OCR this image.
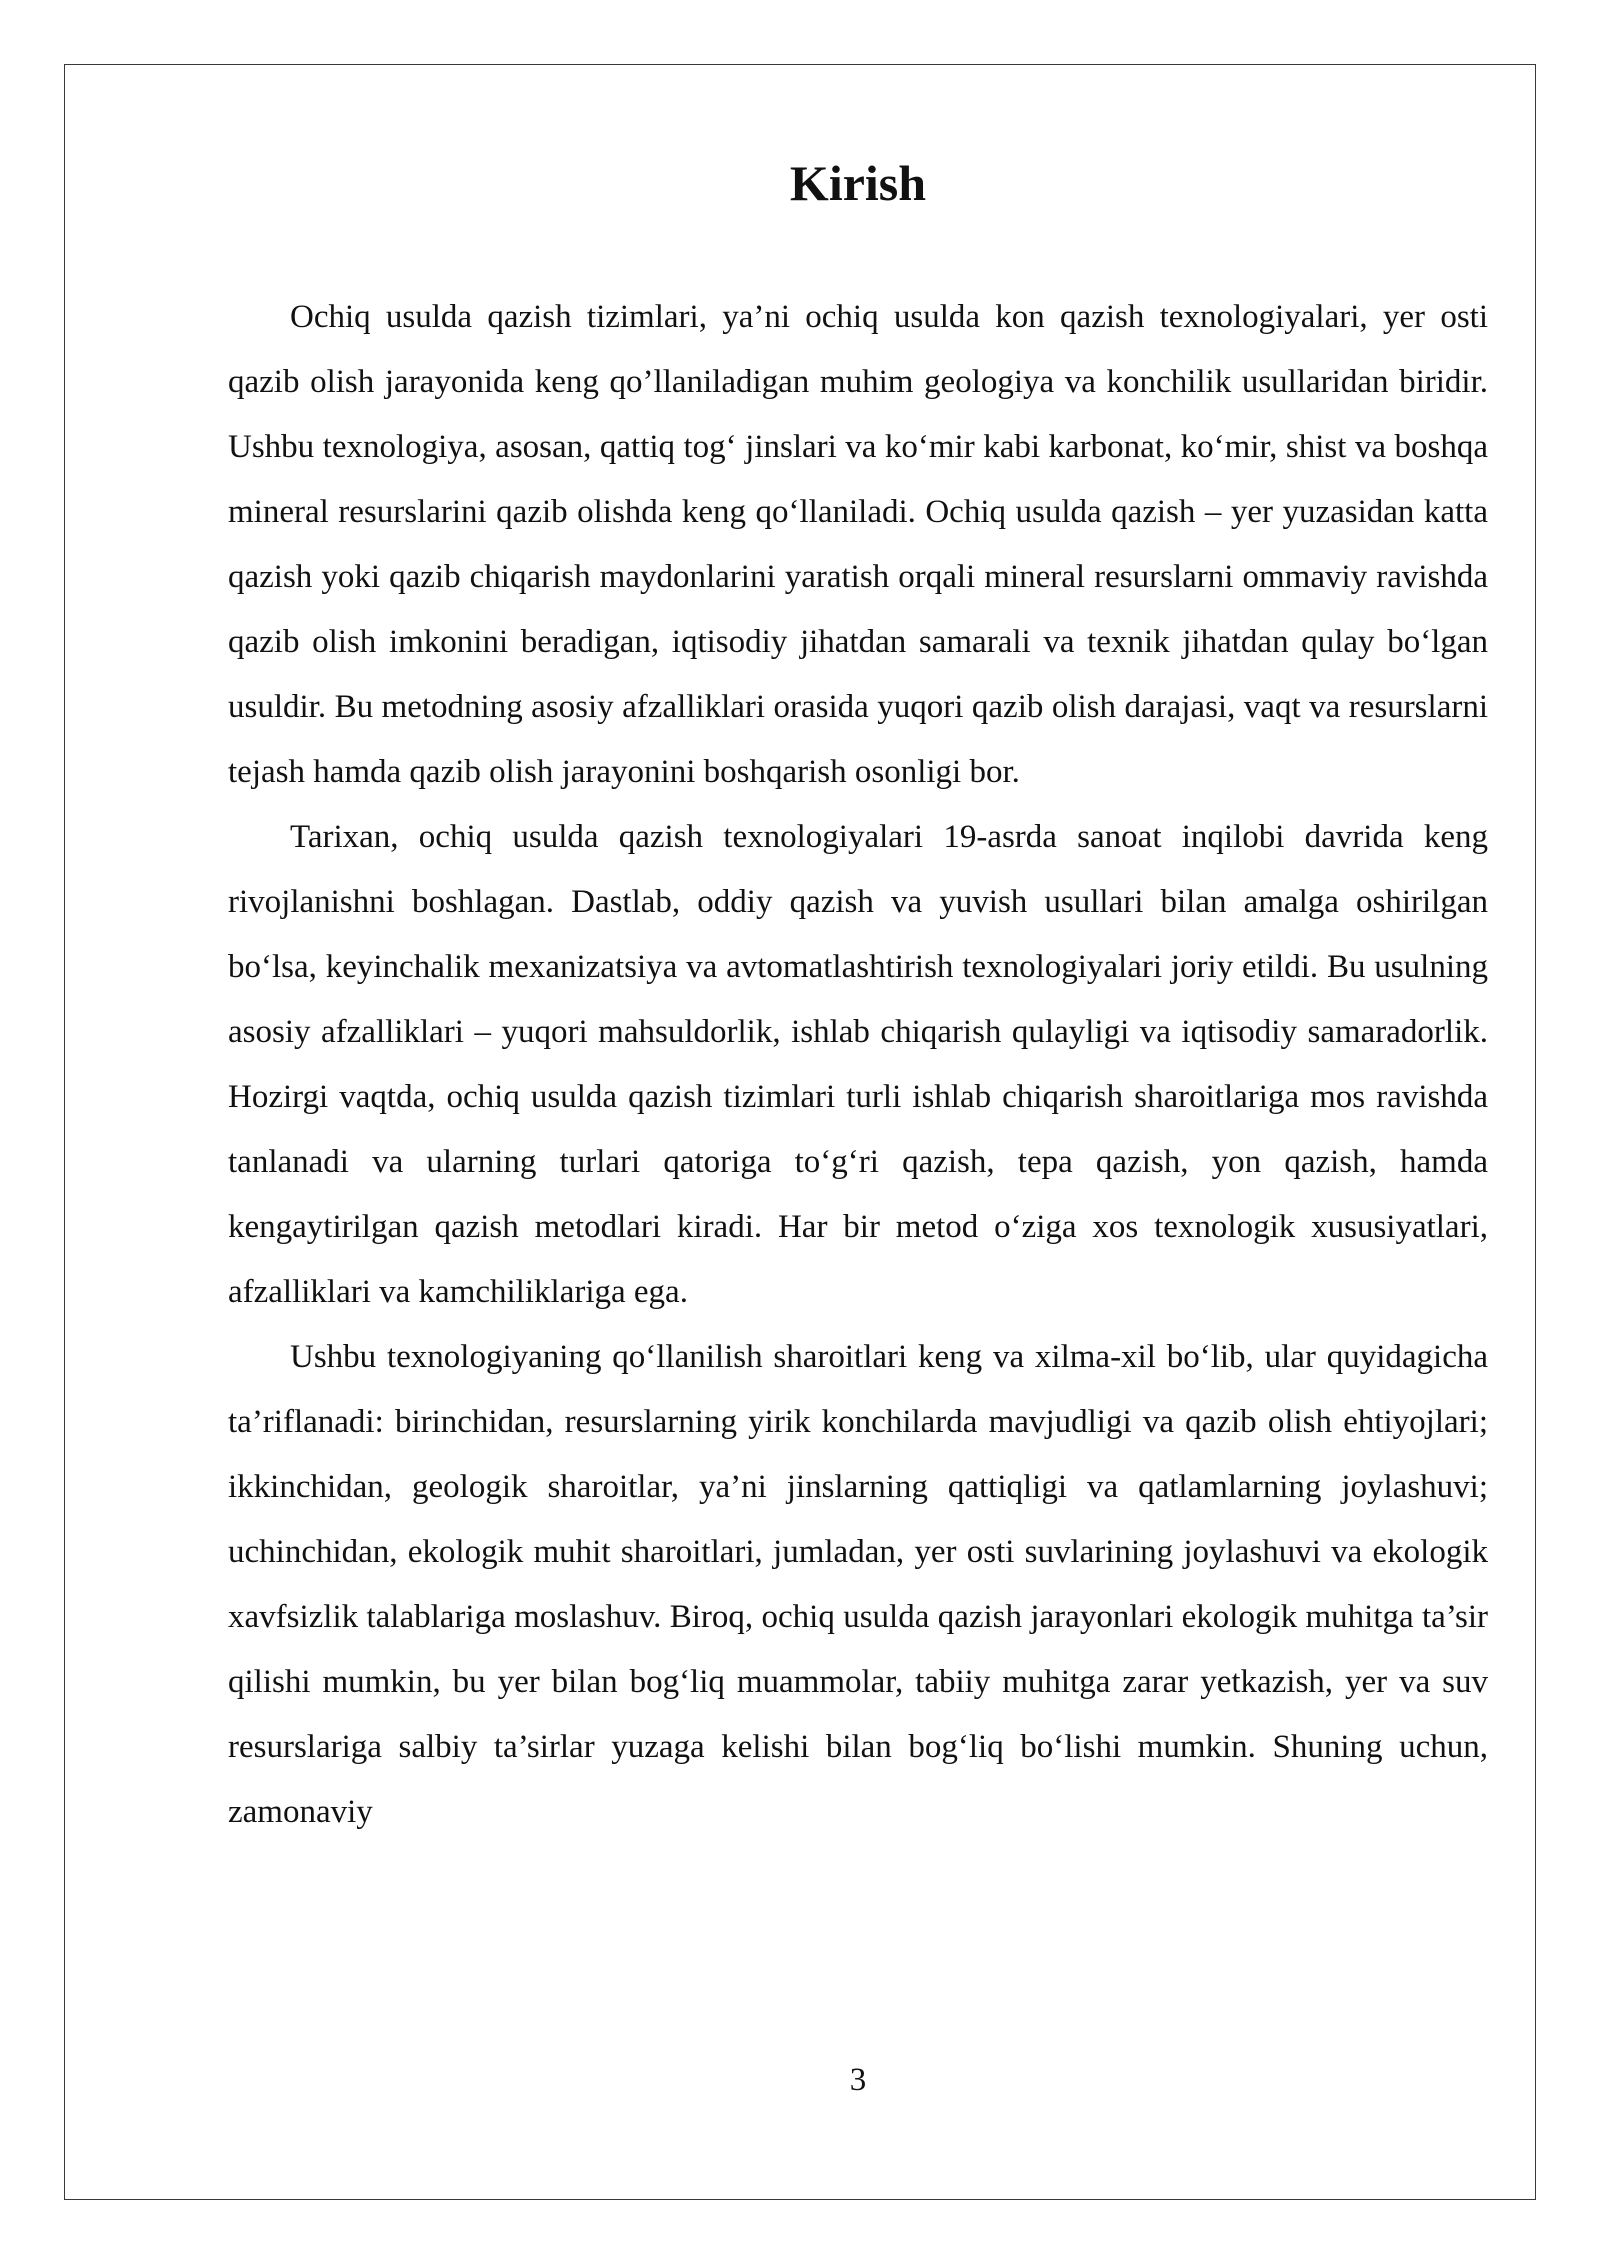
Kirish

Ochiq usulda qazish tizimlari, ya’ni ochiq usulda kon qazish texnologiyalari, yer osti qazib olish jarayonida keng qo’llaniladigan muhim geologiya va konchilik usullaridan biridir. Ushbu texnologiya, asosan, qattiq tog‘ jinslari va ko‘mir kabi karbonat, ko‘mir, shist va boshqa mineral resurslarini qazib olishda keng qo‘llaniladi. Ochiq usulda qazish – yer yuzasidan katta qazish yoki qazib chiqarish maydonlarini yaratish orqali mineral resurslarni ommaviy ravishda qazib olish imkonini beradigan, iqtisodiy jihatdan samarali va texnik jihatdan qulay bo‘lgan usuldir. Bu metodning asosiy afzalliklari orasida yuqori qazib olish darajasi, vaqt va resurslarni tejash hamda qazib olish jarayonini boshqarish osonligi bor.

Tarixan, ochiq usulda qazish texnologiyalari 19-asrda sanoat inqilobi davrida keng rivojlanishni boshlagan. Dastlab, oddiy qazish va yuvish usullari bilan amalga oshirilgan bo‘lsa, keyinchalik mexanizatsiya va avtomatlashtirish texnologiyalari joriy etildi. Bu usulning asosiy afzalliklari – yuqori mahsuldorlik, ishlab chiqarish qulayligi va iqtisodiy samaradorlik. Hozirgi vaqtda, ochiq usulda qazish tizimlari turli ishlab chiqarish sharoitlariga mos ravishda tanlanadi va ularning turlari qatoriga to‘g‘ri qazish, tepa qazish, yon qazish, hamda kengaytirilgan qazish metodlari kiradi. Har bir metod o‘ziga xos texnologik xususiyatlari, afzalliklari va kamchiliklariga ega.

Ushbu texnologiyaning qo‘llanilish sharoitlari keng va xilma-xil bo‘lib, ular quyidagicha ta’riflanadi: birinchidan, resurslarning yirik konchilarda mavjudligi va qazib olish ehtiyojlari; ikkinchidan, geologik sharoitlar, ya’ni jinslarning qattiqligi va qatlamlarning joylashuvi; uchinchidan, ekologik muhit sharoitlari, jumladan, yer osti suvlarining joylashuvi va ekologik xavfsizlik talablariga moslashuv. Biroq, ochiq usulda qazish jarayonlari ekologik muhitga ta’sir qilishi mumkin, bu yer bilan bog‘liq muammolar, tabiiy muhitga zarar yetkazish, yer va suv resurslariga salbiy ta’sirlar yuzaga kelishi bilan bog‘liq bo‘lishi mumkin. Shuning uchun, zamonaviy

3
